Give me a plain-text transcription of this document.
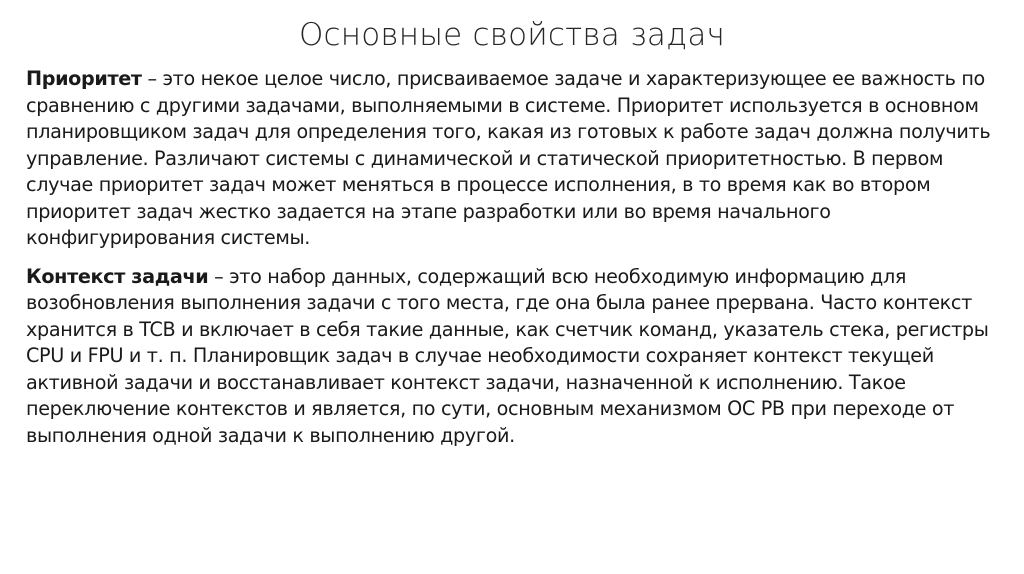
Основные свойства задач

Приоритет – это некое целое число, присваиваемое задаче и характеризующее ее важность по сравнению с другими задачами, выполняемыми в системе. Приоритет используется в основном планировщиком задач для определения того, какая из готовых к работе задач должна получить управление. Различают системы с динамической и статической приоритетностью. В первом случае приоритет задач может меняться в процессе исполнения, в то время как во втором приоритет задач жестко задается на этапе разработки или во время начального конфигурирования системы.

Контекст задачи – это набор данных, содержащий всю необходимую информацию для возобновления выполнения задачи с того места, где она была ранее прервана. Часто контекст хранится в TCB и включает в себя такие данные, как счетчик команд, указатель стека, регистры CPU и FPU и т. п. Планировщик задач в случае необходимости сохраняет контекст текущей активной задачи и восстанавливает контекст задачи, назначенной к исполнению. Такое переключение контекстов и является, по сути, основным механизмом ОС РВ при переходе от выполнения одной задачи к выполнению другой.
